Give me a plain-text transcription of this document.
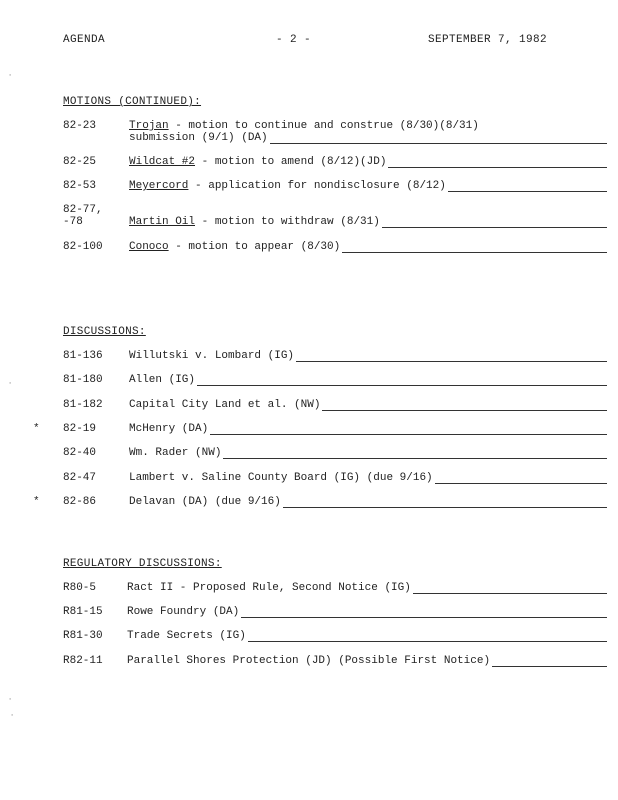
AGENDA	- 2 -	SEPTEMBER 7, 1982
·
·
·
·
MOTIONS (CONTINUED):
82-23	Trojan - motion to continue and construe (8/30)(8/31)
submission (9/1) (DA)
82-25	Wildcat #2 - motion to amend (8/12)(JD)
82-53	Meyercord - application for nondisclosure (8/12)
82-77,
-78	Martin Oil - motion to withdraw (8/31)
82-100 Conoco - motion to appear (8/30)
DISCUSSIONS:
81-136 Willutski v. Lombard (IG)
81-180 Allen (IG)
81-182 Capital City Land et al. (NW)
* 82-19	McHenry (DA)
82-40	Wm. Rader (NW)
82-47	Lambert v. Saline County Board (IG) (due 9/16)
* 82-86	Delavan (DA) (due 9/16)
REGULATORY DISCUSSIONS:
R80-5	Ract II - Proposed Rule, Second Notice (IG)
R81-15 Rowe Foundry (DA)
R81-30 Trade Secrets (IG)
R82-11 Parallel Shores Protection (JD) (Possible First Notice)
